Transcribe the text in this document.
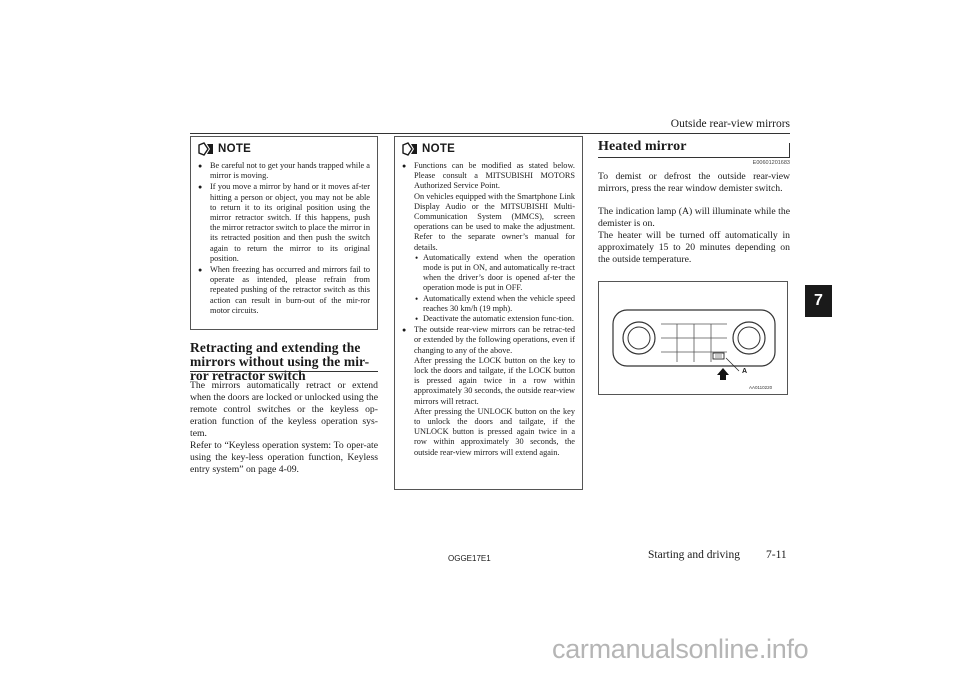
Outside rear-view mirrors
7
NOTE
● Be careful not to get your hands trapped while a mirror is moving.
● If you move a mirror by hand or it moves af-ter hitting a person or object, you may not be able to return it to its original position using the mirror retractor switch. If this happens, push the mirror retractor switch to place the mirror in its retracted position and then push the switch again to return the mirror to its original position.
● When freezing has occurred and mirrors fail to operate as intended, please refrain from repeated pushing of the retractor switch as this action can result in burn-out of the mir-ror motor circuits.
Retracting and extending the mirrors without using the mir-ror retractor switch
The mirrors automatically retract or extend when the doors are locked or unlocked using the remote control switches or the keyless op-eration function of the keyless operation sys-tem.
Refer to “Keyless operation system: To oper-ate using the key-less operation function, Keyless entry system” on page 4-09.
NOTE
● Functions can be modified as stated below. Please consult a MITSUBISHI MOTORS Authorized Service Point.
On vehicles equipped with the Smartphone Link Display Audio or the MITSUBISHI Multi-Communication System (MMCS), screen operations can be used to make the adjustment. Refer to the separate owner’s manual for details.
• Automatically extend when the operation mode is put in ON, and automatically re-tract when the driver’s door is opened af-ter the operation mode is put in OFF.
• Automatically extend when the vehicle speed reaches 30 km/h (19 mph).
• Deactivate the automatic extension func-tion.
● The outside rear-view mirrors can be retrac-ted or extended by the following operations, even if changing to any of the above.
After pressing the LOCK button on the key to lock the doors and tailgate, if the LOCK button is pressed again twice in a row within approximately 30 seconds, the outside rear-view mirrors will retract.
After pressing the UNLOCK button on the key to unlock the doors and tailgate, if the UNLOCK button is pressed again twice in a row within approximately 30 seconds, the outside rear-view mirrors will extend again.
Heated mirror
E00601201683
To demist or defrost the outside rear-view mirrors, press the rear window demister switch.
The indication lamp (A) will illuminate while the demister is on.
The heater will be turned off automatically in approximately 15 to 20 minutes depending on the outside temperature.
A
AA0110220
OGGE17E1	Starting and driving 7-11
carmanualsonline.info
